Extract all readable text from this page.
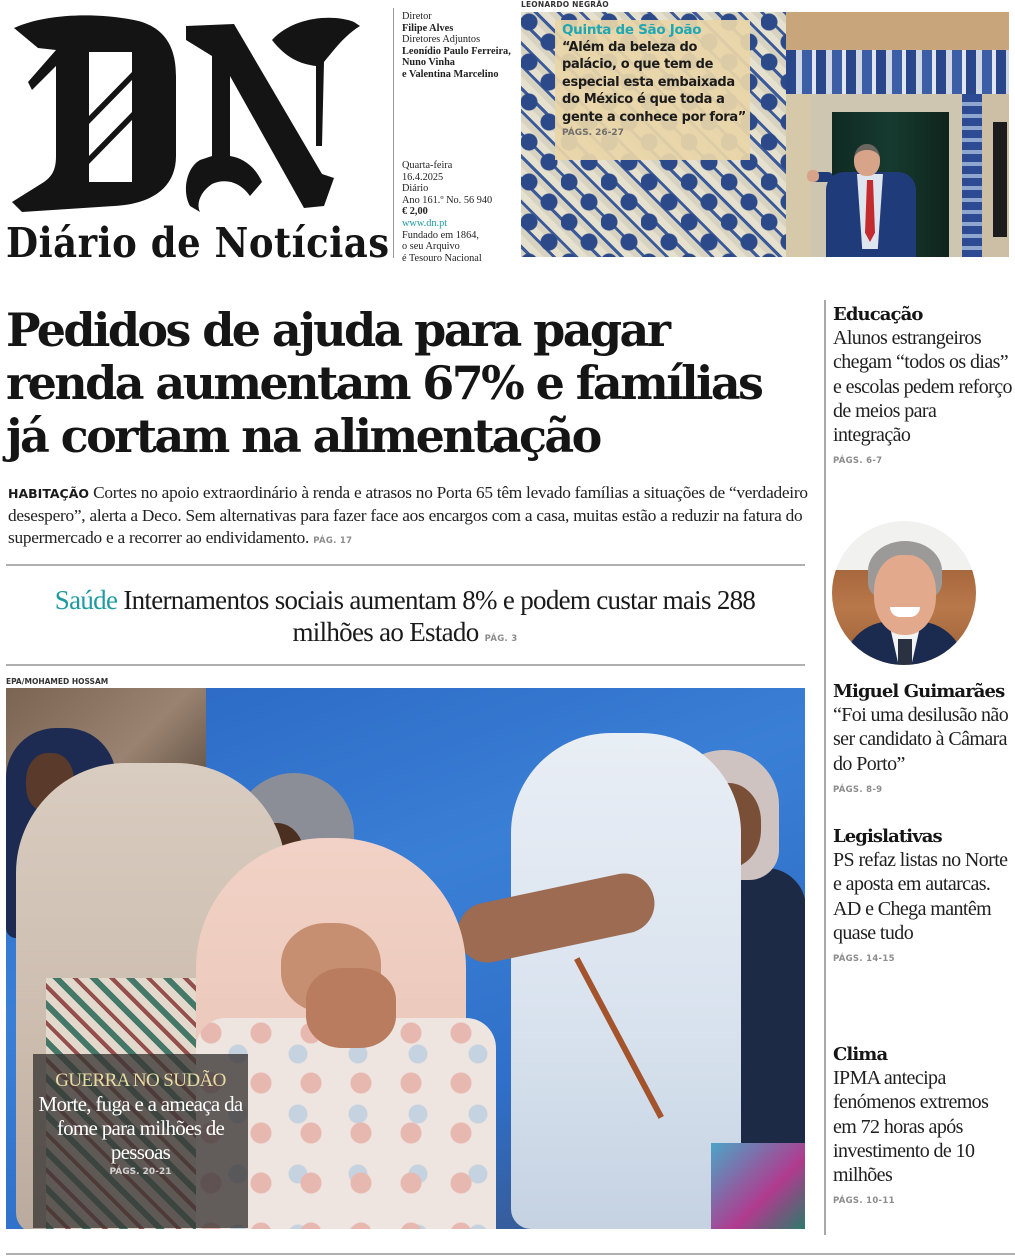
Diário de Notícias
Diretor
Filipe Alves
Diretores Adjuntos
Leonídio Paulo Ferreira,
Nuno Vinha
e Valentina Marcelino
Quarta-feira
16.4.2025
Diário
Ano 161.º No. 56 940
€ 2,00
www.dn.pt
Fundado em 1864,
o seu Arquivo
é Tesouro Nacional
LEONARDO NEGRÃO
Quinta de São João
“Além da beleza do palácio, o que tem de especial esta embaixada do México é que toda a gente a conhece por fora”
PÁGS. 26-27
Pedidos de ajuda para pagar renda aumentam 67% e famílias já cortam na alimentação

HABITAÇÃO Cortes no apoio extraordinário à renda e atrasos no Porta 65 têm levado famílias a situações de “verdadeiro desespero”, alerta a Deco. Sem alternativas para fazer face aos encargos com a casa, muitas estão a reduzir na fatura do supermercado e a recorrer ao endividamento. PÁG. 17

Saúde Internamentos sociais aumentam 8% e podem custar mais 288 milhões ao Estado PÁG. 3
EPA/MOHAMED HOSSAM
GUERRA NO SUDÃO
Morte, fuga e a ameaça da fome para milhões de pessoas
PÁGS. 20-21
Educação
Alunos estrangeiros chegam “todos os dias” e escolas pedem reforço de meios para integração
PÁGS. 6-7
Miguel Guimarães
“Foi uma desilusão não ser candidato à Câmara do Porto”
PÁGS. 8-9
Legislativas
PS refaz listas no Norte e aposta em autarcas. AD e Chega mantêm quase tudo
PÁGS. 14-15
Clima
IPMA antecipa fenómenos extremos em 72 horas após investimento de 10 milhões
PÁGS. 10-11
